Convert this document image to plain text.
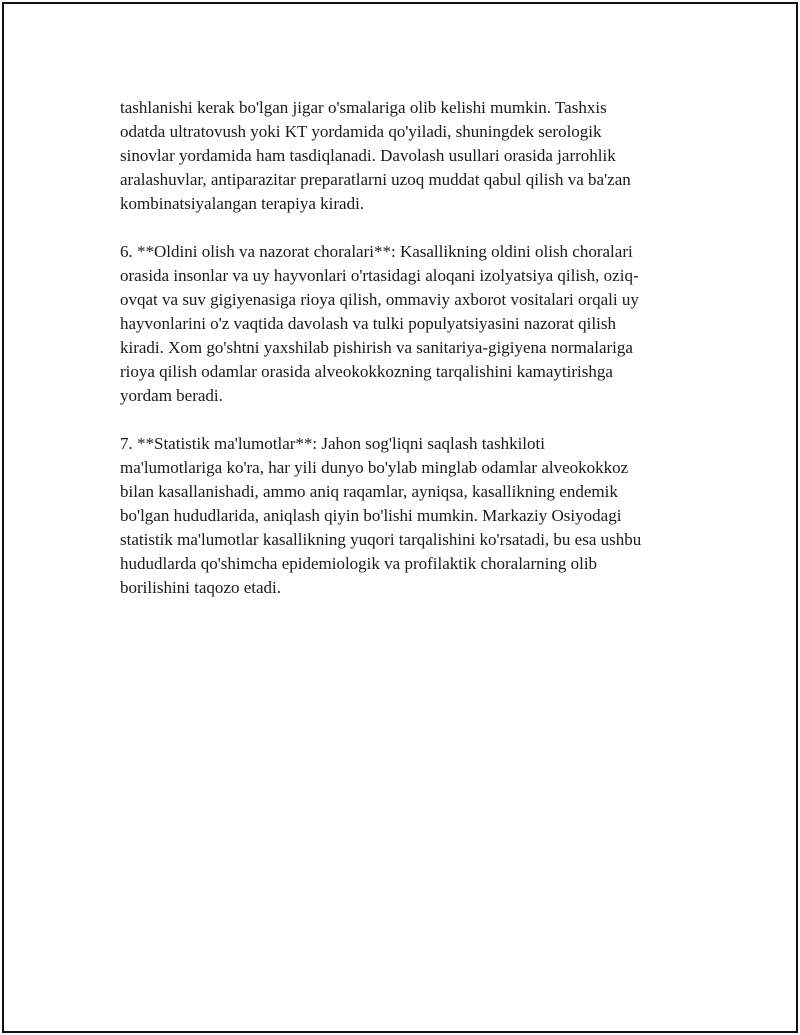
tashlanishi kerak bo'lgan jigar o'smalariga olib kelishi mumkin. Tashxis
odatda ultratovush yoki KT yordamida qo'yiladi, shuningdek serologik
sinovlar yordamida ham tasdiqlanadi. Davolash usullari orasida jarrohlik
aralashuvlar, antiparazitar preparatlarni uzoq muddat qabul qilish va ba'zan
kombinatsiyalangan terapiya kiradi.

6. **Oldini olish va nazorat choralari**: Kasallikning oldini olish choralari
orasida insonlar va uy hayvonlari o'rtasidagi aloqani izolyatsiya qilish, oziq-
ovqat va suv gigiyenasiga rioya qilish, ommaviy axborot vositalari orqali uy
hayvonlarini o'z vaqtida davolash va tulki populyatsiyasini nazorat qilish
kiradi. Xom go'shtni yaxshilab pishirish va sanitariya-gigiyena normalariga
rioya qilish odamlar orasida alveokokkozning tarqalishini kamaytirishga
yordam beradi.

7. **Statistik ma'lumotlar**: Jahon sog'liqni saqlash tashkiloti
ma'lumotlariga ko'ra, har yili dunyo bo'ylab minglab odamlar alveokokkoz
bilan kasallanishadi, ammo aniq raqamlar, ayniqsa, kasallikning endemik
bo'lgan hududlarida, aniqlash qiyin bo'lishi mumkin. Markaziy Osiyodagi
statistik ma'lumotlar kasallikning yuqori tarqalishini ko'rsatadi, bu esa ushbu
hududlarda qo'shimcha epidemiologik va profilaktik choralarning olib
borilishini taqozo etadi.
